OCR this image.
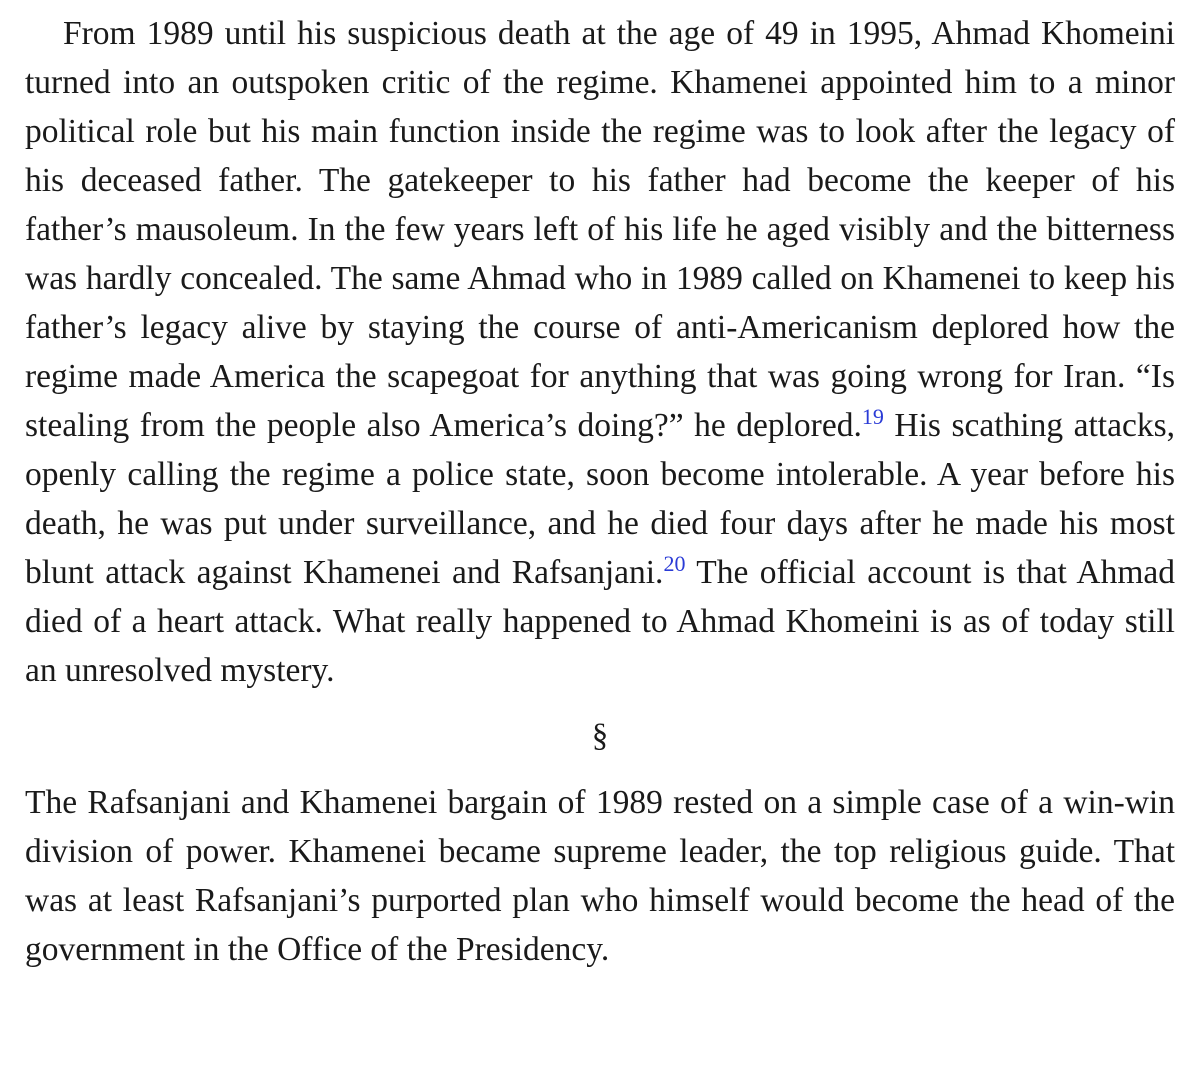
From 1989 until his suspicious death at the age of 49 in 1995, Ahmad Khomeini turned into an outspoken critic of the regime. Khamenei appointed him to a minor political role but his main function inside the regime was to look after the legacy of his deceased father. The gatekeeper to his father had become the keeper of his father’s mausoleum. In the few years left of his life he aged visibly and the bitterness was hardly concealed. The same Ahmad who in 1989 called on Khamenei to keep his father’s legacy alive by staying the course of anti-Americanism deplored how the regime made America the scapegoat for anything that was going wrong for Iran. “Is stealing from the people also America’s doing?” he deplored.$^{19}$ His scathing attacks, openly calling the regime a police state, soon become intolerable. A year before his death, he was put under surveillance, and he died four days after he made his most blunt attack against Khamenei and Rafsanjani.$^{20}$ The official account is that Ahmad died of a heart attack. What really happened to Ahmad Khomeini is as of today still an unresolved mystery.

§

The Rafsanjani and Khamenei bargain of 1989 rested on a simple case of a win-win division of power. Khamenei became supreme leader, the top religious guide. That was at least Rafsanjani’s purported plan who himself would become the head of the government in the Office of the Presidency.
